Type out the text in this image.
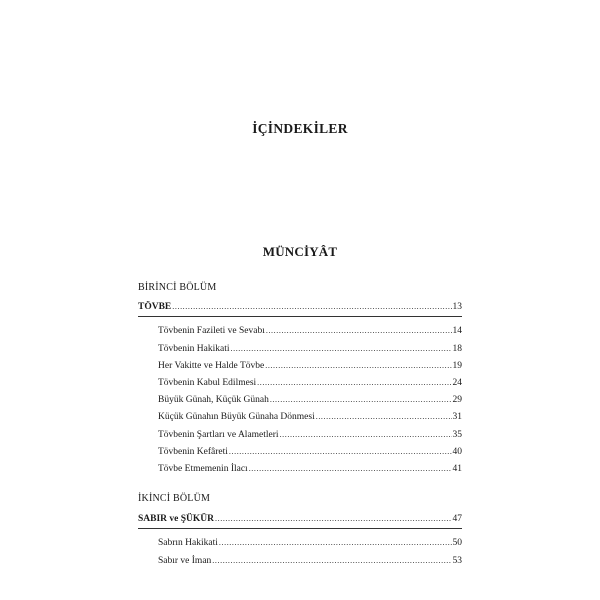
İÇİNDEKİLER
MÜNCİYÂT
BİRİNCİ BÖLÜM
TÖVBE .....	13
Tövbenin Fazileti ve Sevabı .....	14
Tövbenin Hakikati .....	18
Her Vakitte ve Halde Tövbe .....	19
Tövbenin Kabul Edilmesi .....	24
Büyük Günah, Küçük Günah .....	29
Küçük Günahın Büyük Günaha Dönmesi .....	31
Tövbenin Şartları ve Alametleri .....	35
Tövbenin Kefâreti .....	40
Tövbe Etmemenin İlacı .....	41
İKİNCİ BÖLÜM
SABIR ve ŞÜKÜR .....	47
Sabrın Hakikati .....	50
Sabır ve İman .....	53
